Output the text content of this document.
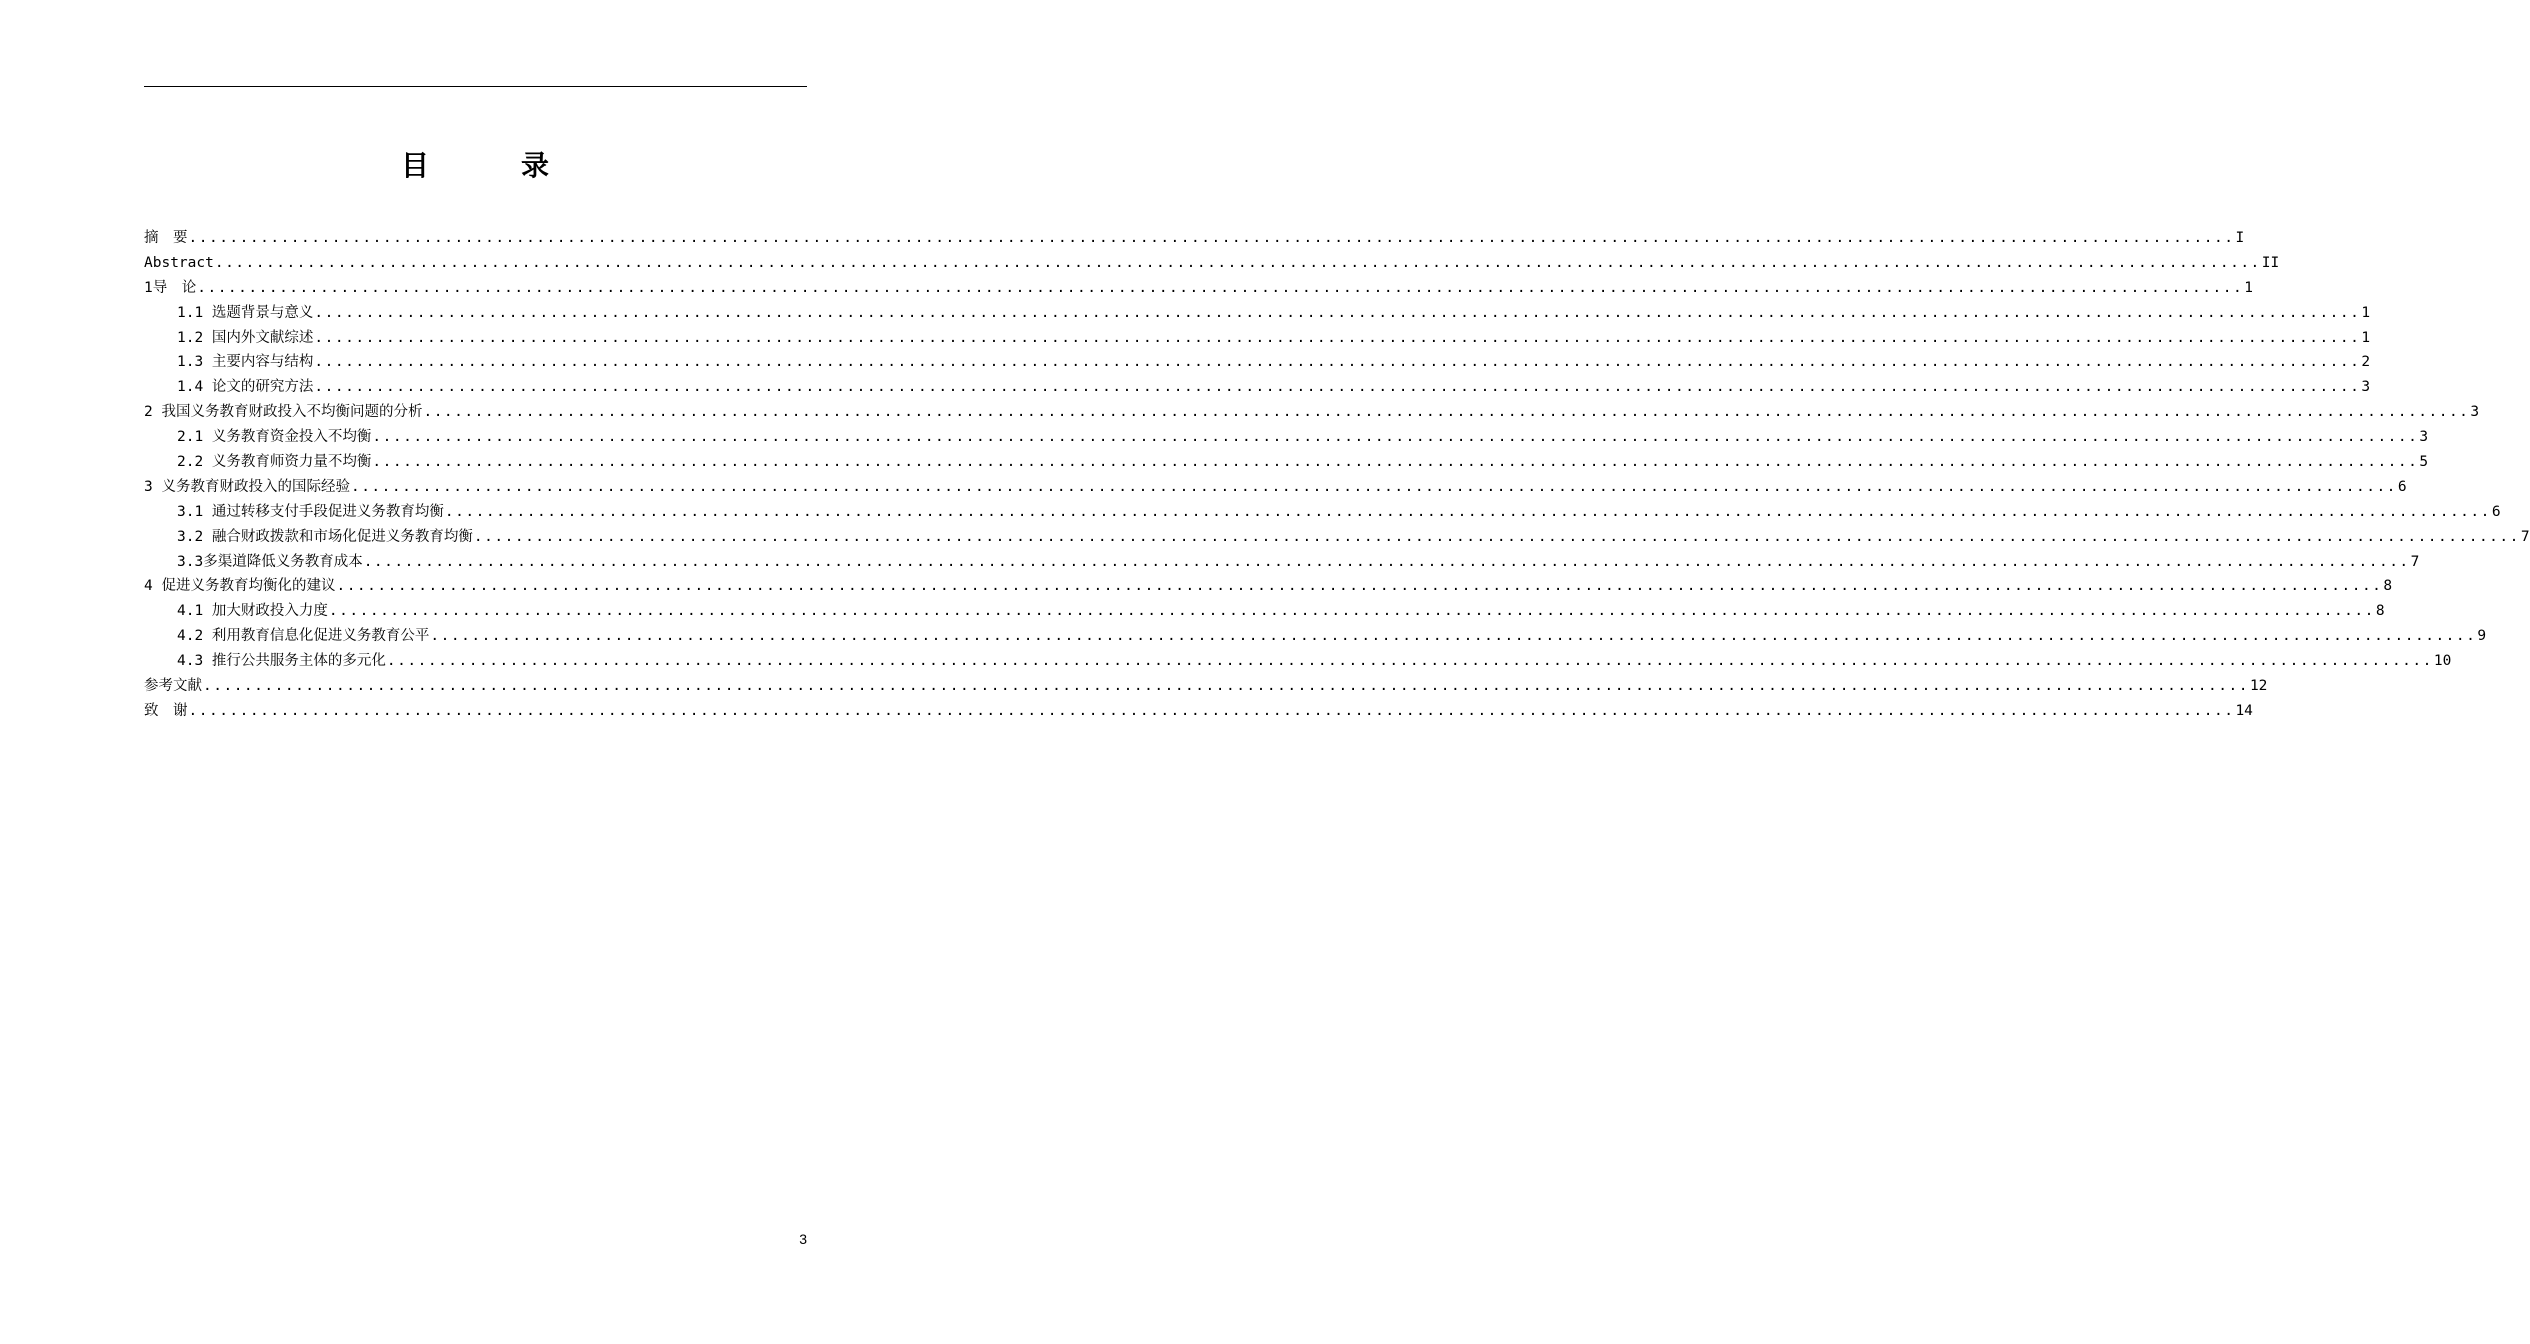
目　录
摘　要 ........................................................................................................................................................................................................ I
Abstract ........................................................................................................................................................................................................ II
1导　论 ........................................................................................................................................................................................................ 1
1.1 选题背景与意义 ........................................................................................................................................................................................................ 1
1.2 国内外文献综述 ........................................................................................................................................................................................................ 1
1.3 主要内容与结构 ........................................................................................................................................................................................................ 2
1.4 论文的研究方法 ........................................................................................................................................................................................................ 3
2 我国义务教育财政投入不均衡问题的分析 ........................................................................................................................................................................................................ 3
2.1 义务教育资金投入不均衡 ........................................................................................................................................................................................................ 3
2.2 义务教育师资力量不均衡 ........................................................................................................................................................................................................ 5
3 义务教育财政投入的国际经验 ........................................................................................................................................................................................................ 6
3.1 通过转移支付手段促进义务教育均衡 ........................................................................................................................................................................................................ 6
3.2 融合财政拨款和市场化促进义务教育均衡 ........................................................................................................................................................................................................ 7
3.3多渠道降低义务教育成本 ........................................................................................................................................................................................................ 7
4 促进义务教育均衡化的建议 ........................................................................................................................................................................................................ 8
4.1 加大财政投入力度 ........................................................................................................................................................................................................ 8
4.2 利用教育信息化促进义务教育公平 ........................................................................................................................................................................................................ 9
4.3 推行公共服务主体的多元化 ........................................................................................................................................................................................................ 10
参考文献 ........................................................................................................................................................................................................ 12
致　谢 ........................................................................................................................................................................................................ 14
3
